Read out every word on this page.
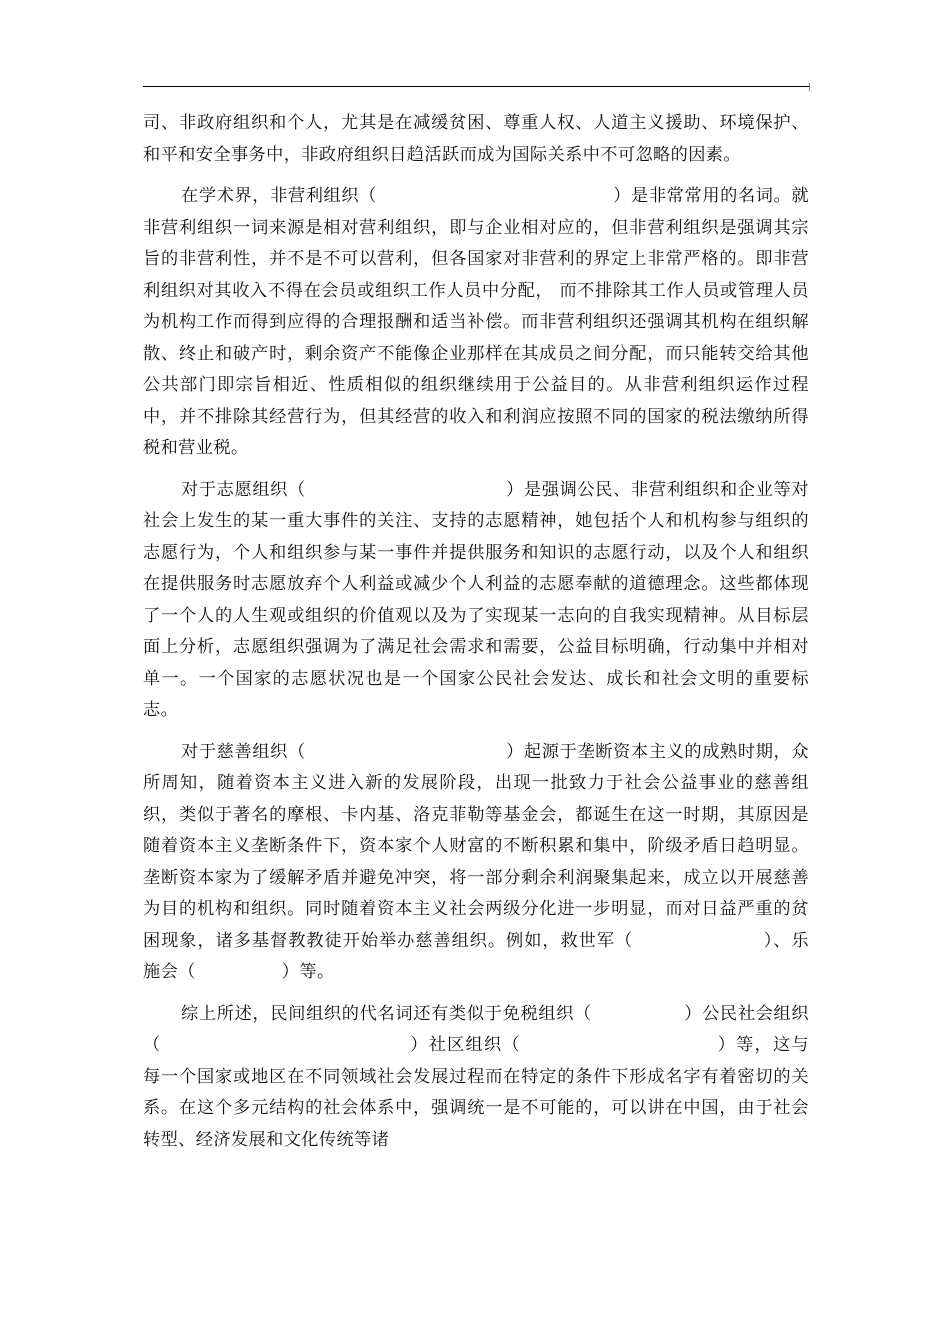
司、非政府组织和个人，尤其是在减缓贫困、尊重人权、人道主义援助、环境保护、和平和安全事务中，非政府组织日趋活跃而成为国际关系中不可忽略的因素。

在学术界，非营利组织（	）是非常常用的名词。就非营利组织一词来源是相对营利组织，即与企业相对应的，但非营利组织是强调其宗旨的非营利性，并不是不可以营利，但各国家对非营利的界定上非常严格的。即非营利组织对其收入不得在会员或组织工作人员中分配， 而不排除其工作人员或管理人员为机构工作而得到应得的合理报酬和适当补偿。而非营利组织还强调其机构在组织解散、终止和破产时，剩余资产不能像企业那样在其成员之间分配，而只能转交给其他公共部门即宗旨相近、性质相似的组织继续用于公益目的。从非营利组织运作过程中，并不排除其经营行为，但其经营的收入和利润应按照不同的国家的税法缴纳所得税和营业税。

对于志愿组织（	）是强调公民、非营利组织和企业等对社会上发生的某一重大事件的关注、支持的志愿精神，她包括个人和机构参与组织的志愿行为，个人和组织参与某一事件并提供服务和知识的志愿行动，以及个人和组织在提供服务时志愿放弃个人利益或减少个人利益的志愿奉献的道德理念。这些都体现了一个人的人生观或组织的价值观以及为了实现某一志向的自我实现精神。从目标层面上分析，志愿组织强调为了满足社会需求和需要，公益目标明确，行动集中并相对单一。一个国家的志愿状况也是一个国家公民社会发达、成长和社会文明的重要标志。

对于慈善组织（	）起源于垄断资本主义的成熟时期，众所周知，随着资本主义进入新的发展阶段，出现一批致力于社会公益事业的慈善组织，类似于著名的摩根、卡内基、洛克菲勒等基金会，都诞生在这一时期，其原因是随着资本主义垄断条件下，资本家个人财富的不断积累和集中，阶级矛盾日趋明显。垄断资本家为了缓解矛盾并避免冲突，将一部分剩余利润聚集起来，成立以开展慈善为目的机构和组织。同时随着资本主义社会两级分化进一步明显，而对日益严重的贫困现象，诸多基督教教徒开始举办慈善组织。例如，救世军（	）、乐施会（	）等。

综上所述，民间组织的代名词还有类似于免税组织（	）公民社会组织（	）社区组织（	）等，这与每一个国家或地区在不同领域社会发展过程而在特定的条件下形成名字有着密切的关系。在这个多元结构的社会体系中，强调统一是不可能的，可以讲在中国，由于社会转型、经济发展和文化传统等诸
